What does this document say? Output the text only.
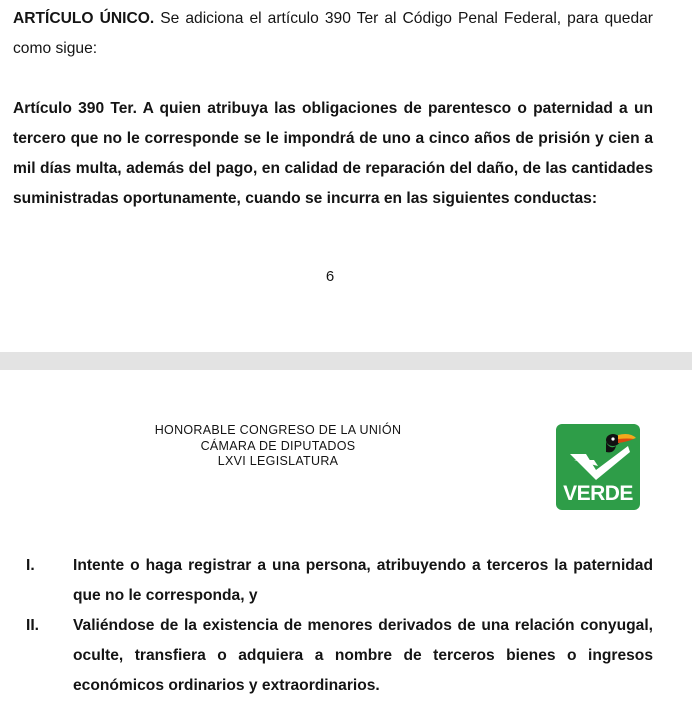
ARTÍCULO ÚNICO. Se adiciona el artículo 390 Ter al Código Penal Federal, para quedar como sigue:

Artículo 390 Ter. A quien atribuya las obligaciones de parentesco o paternidad a un tercero que no le corresponde se le impondrá de uno a cinco años de prisión y cien a mil días multa, además del pago, en calidad de reparación del daño, de las cantidades suministradas oportunamente, cuando se incurra en las siguientes conductas:

6
HONORABLE CONGRESO DE LA UNIÓN
CÁMARA DE DIPUTADOS
LXVI LEGISLATURA
VERDE
I. Intente o haga registrar a una persona, atribuyendo a terceros la paternidad que no le corresponda, y
II. Valiéndose de la existencia de menores derivados de una relación conyugal, oculte, transfiera o adquiera a nombre de terceros bienes o ingresos económicos ordinarios y extraordinarios.
